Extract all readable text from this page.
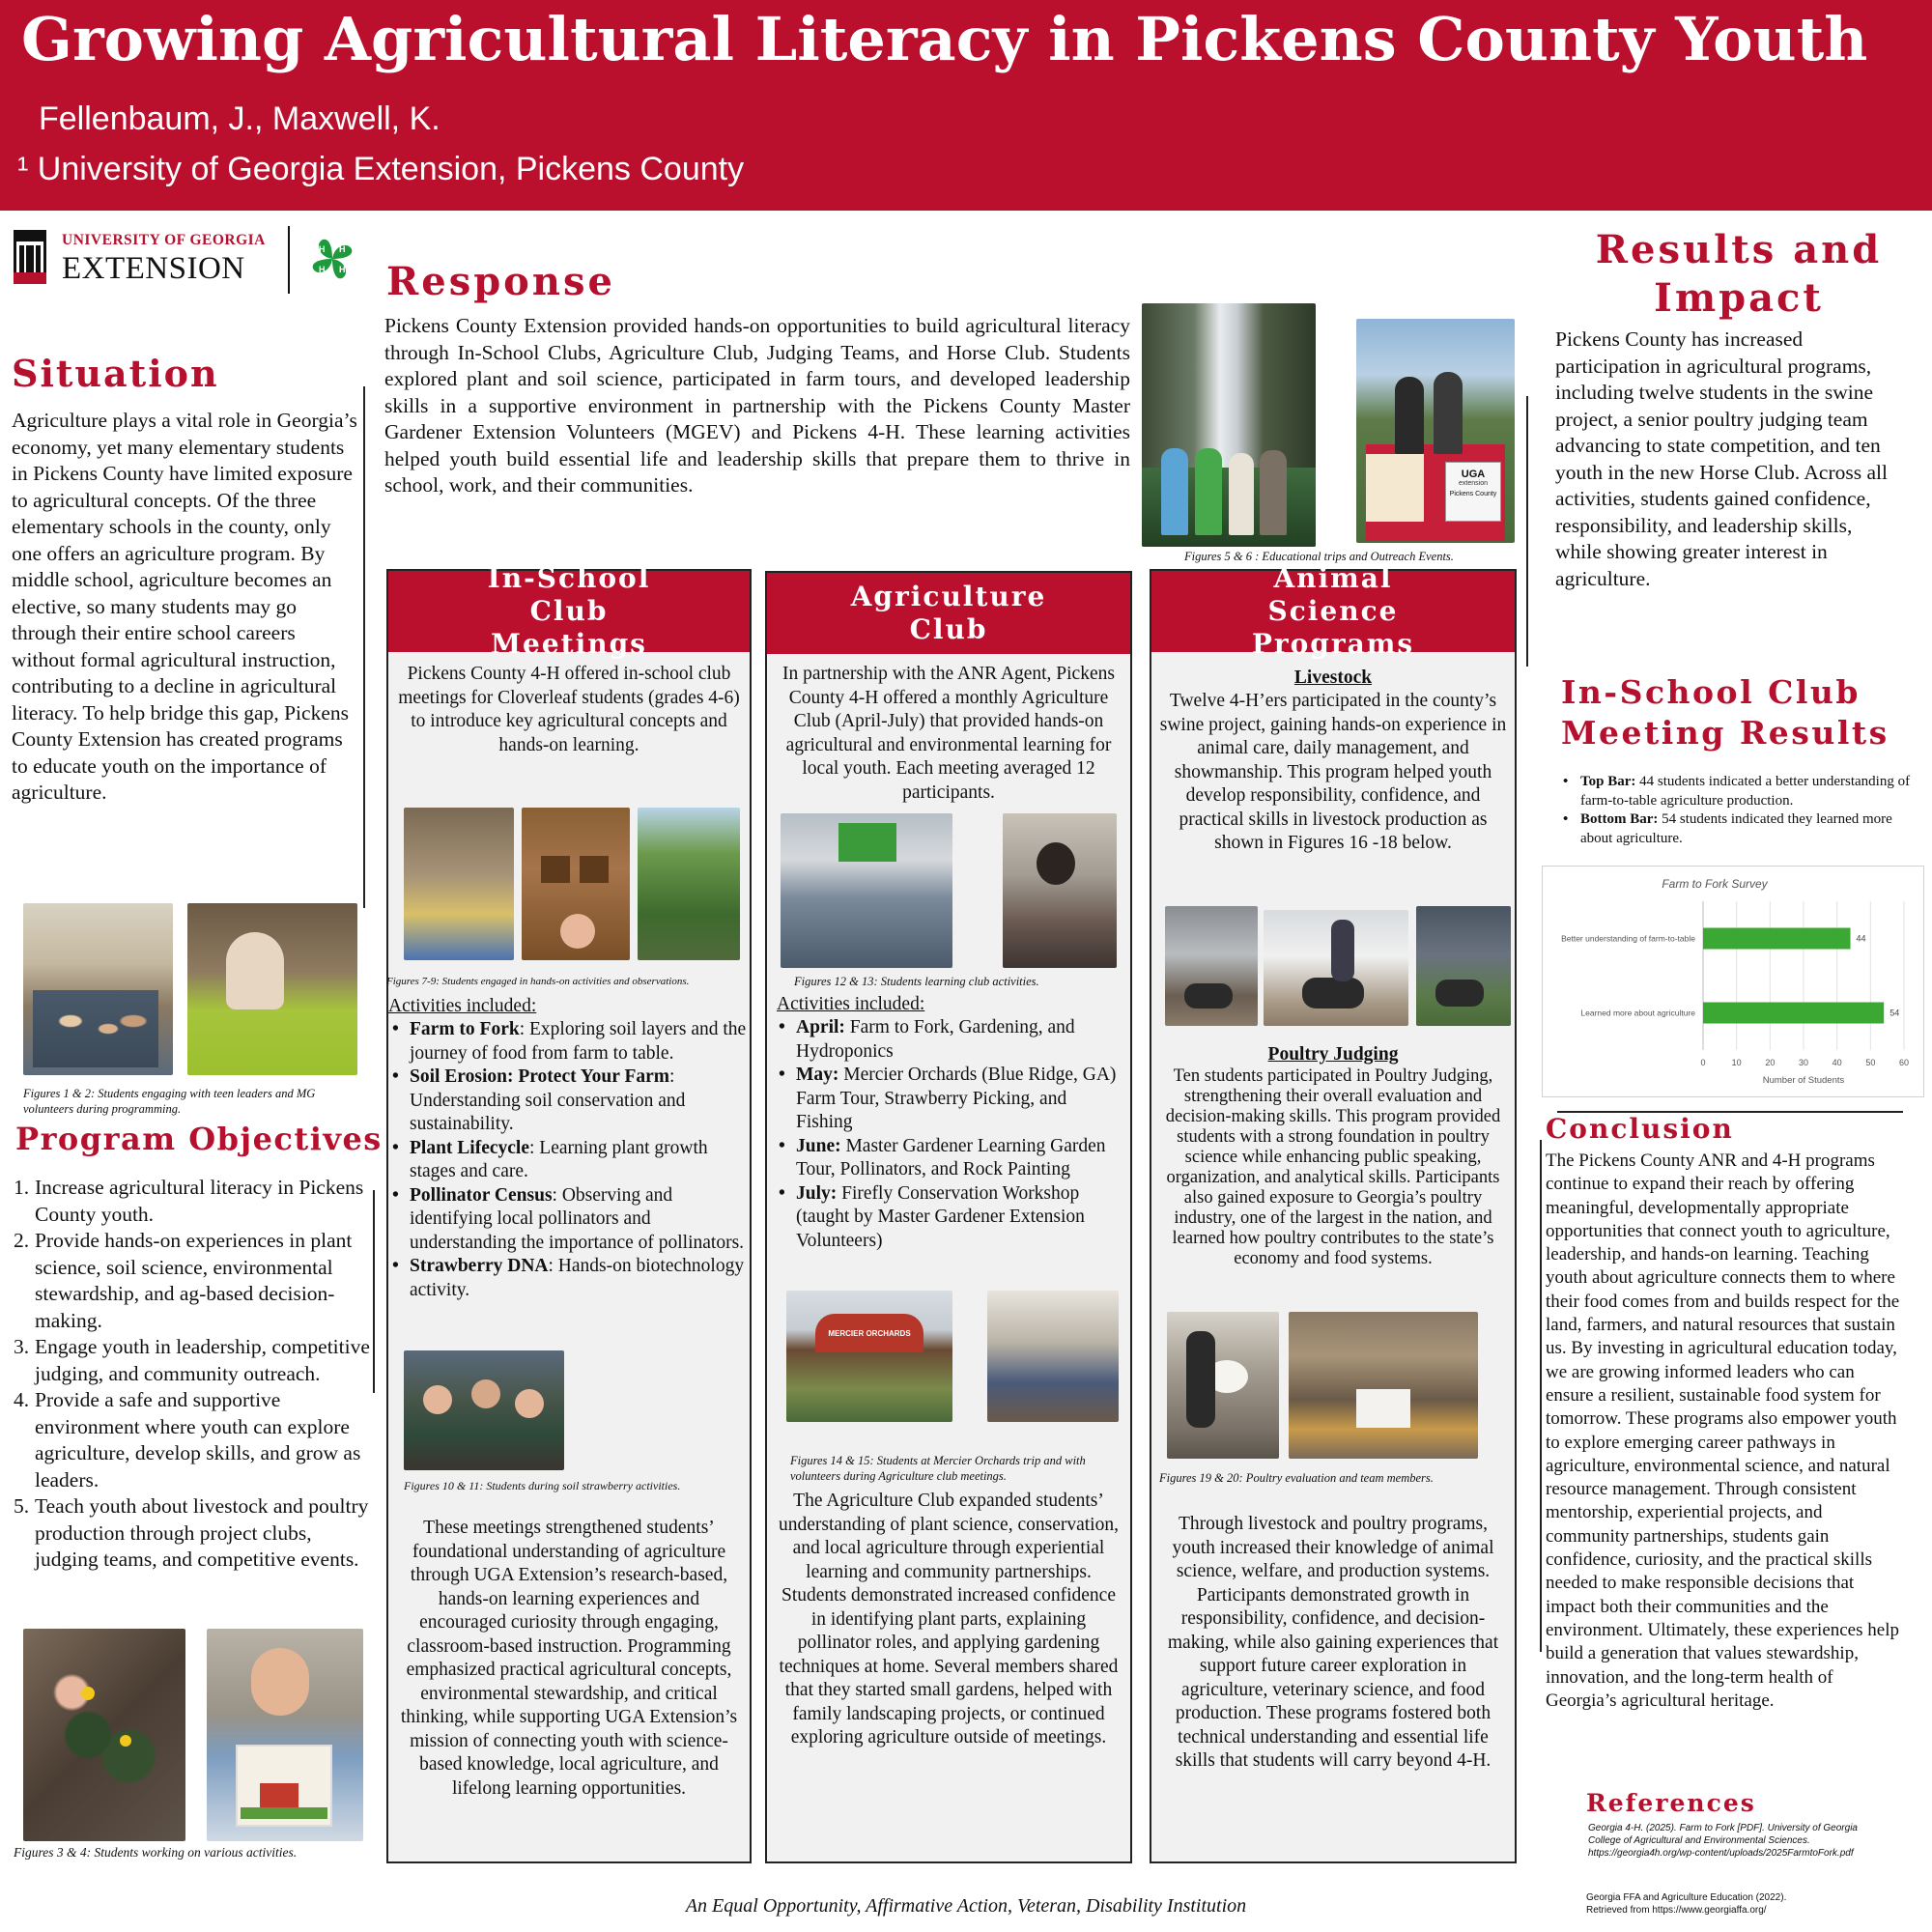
Growing Agricultural Literacy in Pickens County Youth
Fellenbaum, J., Maxwell, K.
¹ University of Georgia Extension, Pickens County
UNIVERSITY OF GEORGIA
EXTENSION
H H
H
H
Situation
Agriculture plays a vital role in Georgia’s economy, yet many elementary students in Pickens County have limited exposure to agricultural concepts. Of the three elementary schools in the county, only one offers an agriculture program. By middle school, agriculture becomes an elective, so many students may go through their entire school careers without formal agricultural instruction, contributing to a decline in agricultural literacy. To help bridge this gap, Pickens County Extension has created programs to educate youth on the importance of agriculture.
Figures 1 & 2: Students engaging with teen leaders and MG volunteers during programming.
Program Objectives
1. Increase agricultural literacy in Pickens County youth.
2. Provide hands-on experiences in plant science, soil science, environmental stewardship, and ag-based decision-making.
3. Engage youth in leadership, competitive judging, and community outreach.
4. Provide a safe and supportive environment where youth can explore agriculture, develop skills, and grow as leaders.
5. Teach youth about livestock and poultry production through project clubs, judging teams, and competitive events.
Figures 3 & 4: Students working on various activities.
Response
Pickens County Extension provided hands-on opportunities to build agricultural literacy through In-School Clubs, Agriculture Club, Judging Teams, and Horse Club. Students explored plant and soil science, participated in farm tours, and developed leadership skills in a supportive environment in partnership with the Pickens County Master Gardener Extension Volunteers (MGEV) and Pickens 4-H. These learning activities helped youth build essential life and leadership skills that prepare them to thrive in school, work, and their communities.	UGA
extension
Pickens County
Figures 5 & 6 : Educational trips and Outreach Events.
In-School Club Meetings
Pickens County 4-H offered in-school club meetings for Cloverleaf students (grades 4-6) to introduce key agricultural concepts and hands-on learning.
Figures 7-9: Students engaged in hands-on activities and observations.
Activities included:
• Farm to Fork: Exploring soil layers and the journey of food from farm to table.
• Soil Erosion: Protect Your Farm: Understanding soil conservation and sustainability.
• Plant Lifecycle: Learning plant growth stages and care.
• Pollinator Census: Observing and identifying local pollinators and understanding the importance of pollinators.
• Strawberry DNA: Hands-on biotechnology activity.
Figures 10 & 11: Students during soil strawberry activities.
These meetings strengthened students’ foundational understanding of agriculture through UGA Extension’s research-based, hands-on learning experiences and encouraged curiosity through engaging, classroom-based instruction. Programming emphasized practical agricultural concepts, environmental stewardship, and critical thinking, while supporting UGA Extension’s mission of connecting youth with science-based knowledge, local agriculture, and lifelong learning opportunities.
Agriculture Club
In partnership with the ANR Agent, Pickens County 4-H offered a monthly Agriculture Club (April-July) that provided hands-on agricultural and environmental learning for local youth. Each meeting averaged 12 participants.
Figures 12 & 13: Students learning club activities.
Activities included:
• April: Farm to Fork, Gardening, and Hydroponics
• May: Mercier Orchards (Blue Ridge, GA) Farm Tour, Strawberry Picking, and Fishing
• June: Master Gardener Learning Garden Tour, Pollinators, and Rock Painting
• July: Firefly Conservation Workshop (taught by Master Gardener Extension Volunteers)
MERCIER ORCHARDS
Figures 14 & 15: Students at Mercier Orchards trip and with volunteers during Agriculture club meetings.
The Agriculture Club expanded students’ understanding of plant science, conservation, and local agriculture through experiential learning and community partnerships. Students demonstrated increased confidence in identifying plant parts, explaining pollinator roles, and applying gardening techniques at home. Several members shared that they started small gardens, helped with family landscaping projects, or continued exploring agriculture outside of meetings.
Animal Science Programs
Livestock
Twelve 4-H’ers participated in the county’s swine project, gaining hands-on experience in animal care, daily management, and showmanship. This program helped youth develop responsibility, confidence, and practical skills in livestock production as shown in Figures 16 -18 below.
Poultry Judging
Ten students participated in Poultry Judging, strengthening their overall evaluation and decision-making skills. This program provided students with a strong foundation in poultry science while enhancing public speaking, organization, and analytical skills. Participants also gained exposure to Georgia’s poultry industry, one of the largest in the nation, and learned how poultry contributes to the state’s economy and food systems.
Figures 19 & 20: Poultry evaluation and team members.
Through livestock and poultry programs, youth increased their knowledge of animal science, welfare, and production systems. Participants demonstrated growth in responsibility, confidence, and decision-making, while also gaining experiences that support future career exploration in agriculture, veterinary science, and food production. These programs fostered both technical understanding and essential life skills that students will carry beyond 4-H.
Results and
Impact
Pickens County has increased participation in agricultural programs, including twelve students in the swine project, a senior poultry judging team advancing to state competition, and ten youth in the new Horse Club. Across all activities, students gained confidence, responsibility, and leadership skills, while showing greater interest in agriculture.
In-School Club
Meeting Results
• Top Bar: 44 students indicated a better understanding of farm-to-table agriculture production.
• Bottom Bar: 54 students indicated they learned more about agriculture.
Farm to Fork Survey
0	10	20	30	40	50	60
Better understanding of farm-to-table	44
Learned more about agriculture	54
Number of Students
Conclusion
The Pickens County ANR and 4-H programs continue to expand their reach by offering meaningful, developmentally appropriate opportunities that connect youth to agriculture, leadership, and hands-on learning. Teaching youth about agriculture connects them to where their food comes from and builds respect for the land, farmers, and natural resources that sustain us. By investing in agricultural education today, we are growing informed leaders who can ensure a resilient, sustainable food system for tomorrow. These programs also empower youth to explore emerging career pathways in agriculture, environmental science, and natural resource management. Through consistent mentorship, experiential projects, and community partnerships, students gain confidence, curiosity, and the practical skills needed to make responsible decisions that impact both their communities and the environment. Ultimately, these experiences help build a generation that values stewardship, innovation, and the long-term health of Georgia’s agricultural heritage.
References
Georgia 4-H. (2025). Farm to Fork [PDF]. University of Georgia College of Agricultural and Environmental Sciences. https://georgia4h.org/wp-content/uploads/2025FarmtoFork.pdf
Georgia FFA and Agriculture Education (2022).
Retrieved from https://www.georgiaffa.org/
An Equal Opportunity, Affirmative Action, Veteran, Disability Institution
